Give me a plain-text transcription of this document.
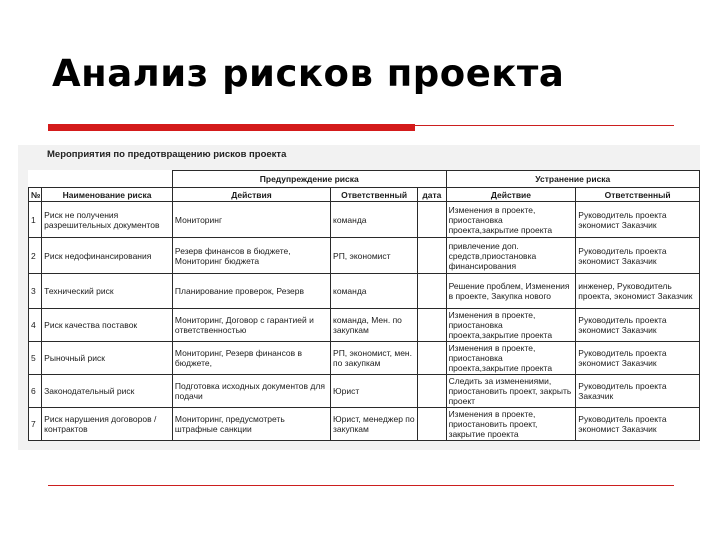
Анализ рисков проекта
Мероприятия по предотвращению рисков проекта
		Предупреждение риска			Устранение риска	
№	Наименование риска	Действия	Ответственный	дата	Действие	Ответственный
1	Риск не получения разрешительных документов	Мониторинг	команда		Изменения в проекте, приостановка проекта,закрытие проекта	Руководитель проекта экономист Заказчик
2	Риск недофинансирования	Резерв финансов в бюджете, Мониторинг бюджета	РП, экономист		привлечение доп. средств,приостановка финансирования	Руководитель проекта экономист Заказчик
3	Технический риск	Планирование проверок, Резерв	команда		Решение проблем, Изменения в проекте, Закупка нового	инженер, Руководитель проекта, экономист Заказчик
4	Риск качества поставок	Мониторинг, Договор с гарантией и ответственностью	команда, Мен. по закупкам		Изменения в проекте, приостановка проекта,закрытие проекта	Руководитель проекта экономист Заказчик
5	Рыночный риск	Мониторинг, Резерв финансов в бюджете,	РП, экономист, мен. по закупкам		Изменения в проекте, приостановка проекта,закрытие проекта	Руководитель проекта экономист Заказчик
6	Законодательный риск	Подготовка исходных документов для подачи	Юрист		Следить за изменениями, приостановить проект, закрыть проект	Руководитель проекта Заказчик
7	Риск нарушения договоров / контрактов	Мониторинг, предусмотреть штрафные санкции	Юрист, менеджер по закупкам		Изменения в проекте, приостановить проект, закрытие проекта	Руководитель проекта экономист Заказчик
